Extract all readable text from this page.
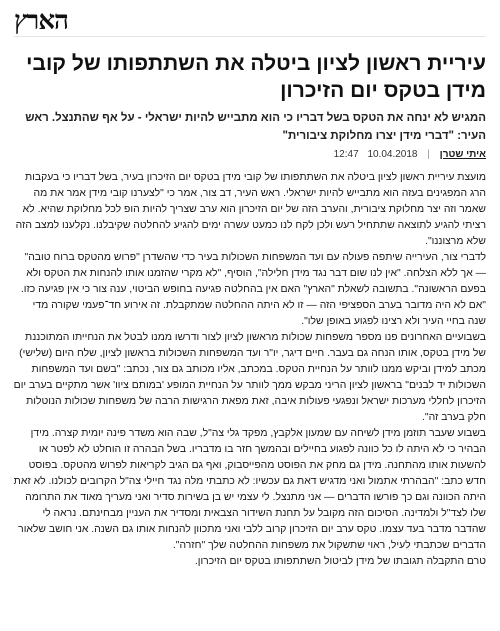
הארץ
עיריית ראשון לציון ביטלה את השתתפותו של קובי מידן בטקס יום הזיכרון

המגיש לא ינחה את הטקס בשל דבריו כי הוא מתבייש להיות ישראלי - על אף שהתנצל. ראש העיר: "דברי מידן יצרו מחלוקת ציבורית"

איתי שטרן | 10.04.2018 12:47

מועצת עיריית ראשון לציון ביטלה את השתתפותו של קובי מידן בטקס יום הזיכרון בעיר, בשל דבריו כי בעקבות הרג המפגינים בעזה הוא מתבייש להיות ישראלי. ראש העיר, דב צור, אמר כי "לצערנו קובי מידן אמר את מה שאמר וזה יצר מחלוקת ציבורית, והערב הזה של יום הזיכרון הוא ערב שצריך להיות הופ לכל מחלוקת שהיא. לא רציתי להגיע לתוצאה שתתחיל רעש ולכן לקח לנו כמעט עשרה ימים להגיע להחלטה שקיבלנו. נקלענו למצב הזה שלא מרצוננו".

לדברי צור, העירייה שיתפה פעולה עם ועד המשפחות השכולות בעיר כדי שהשדרן "פרוש מהטקס ברוח טובה" — אך ללא הצלחה. "אין לנו שום דבר נגד מידן חלילה", הוסיף, "לא מקרי שהזמנו אותו להנחות את הטקס ולא בפעם הראשונה". בתשובה לשאלת "הארץ" האם אין בהחלטה פגיעה בחופש הביטוי, ענה צור כי אין פגיעה כזו. "אם לא היה מדובר בערב הספציפי הזה — זו לא היתה ההחלטה שמתקבלת. זה אירוע חד־פעמי שקורה מדי שנה בחיי העיר ולא רצינו לפגוע באופן שלו".

בשבועיים האחרונים פנו מספר משפחות שכולות מראשון לציון לצור ודרשו ממנו לבטל את הנחייתו המתוכננת של מידן בטקס, אותו הנחה גם בעבר. חיים דיגר, יו"ר ועד המשפחות השכולות בראשון לציון, שלח היום (שלישי) מכתב למידן וביקש ממנו לוותר על הנחיית הטקס. במכתב, אליו מכותב גם צור, נכתב: "בשם ועד המשפחות השכולות יד לבנים" בראשון לציון הריני מבקש ממך לוותר על הנחיית המופע 'במותם ציוו' אשר מתקיים בערב יום הזיכרון לחללי מערכות ישראל ונפגעי פעולות איבה, זאת מפאת הרגישות הרבה של משפחות שכולות הנוטלות חלק בערב זה".

בשבוע שעבר תוזמן מידן לשיחה עם שמעון אלקבץ, מפקד גלי צה"ל, שבה הוא משדר פינה יומית קצרה. מידן הבהיר כי לא היתה לו כל כוונה לפגוע בחיילים ובהמשך חזר בו מדבריו. בשל הבהרה זו הוחלט לא לפטר או להשעות אותו מהתחנה. מידן גם מחק את הפוסט מהפייסבוק, ואף גם הגיב לקריאות לפרוש מהטקס. בפוסט חדש כתב: "הבהרתי אתמול ואני מדגיש דאת גם עכשיו: לא כתבתי מלה נגד חיילי צה"ל הקרובים לכולנו. לא זאת היתה הכוונה וגם כך פורשו הדברים — אני מתנצל. לי עצמי יש בן בשירות סדיר ואני מעריך מאוד את התרומה שלו לצד"ל ולמדינה. הסיכום הזה מקובל על תחנת השידור הצבאית ומסדיר את העניין מבחינתם. נראה לי שהדבר מדבר בעד עצמו. טקס ערב יום הזיכרון קרוב ללבי ואני מתכוון להנחות אותו גם השנה. אני חושב שלאור הדברים שכתבתי לעיל, ראוי שתשקול את משפחות ההחלטה שלך "חזרה".

טרם התקבלה תגובתו של מידן לביטול השתתפותו בטקס יום הזיכרון.
